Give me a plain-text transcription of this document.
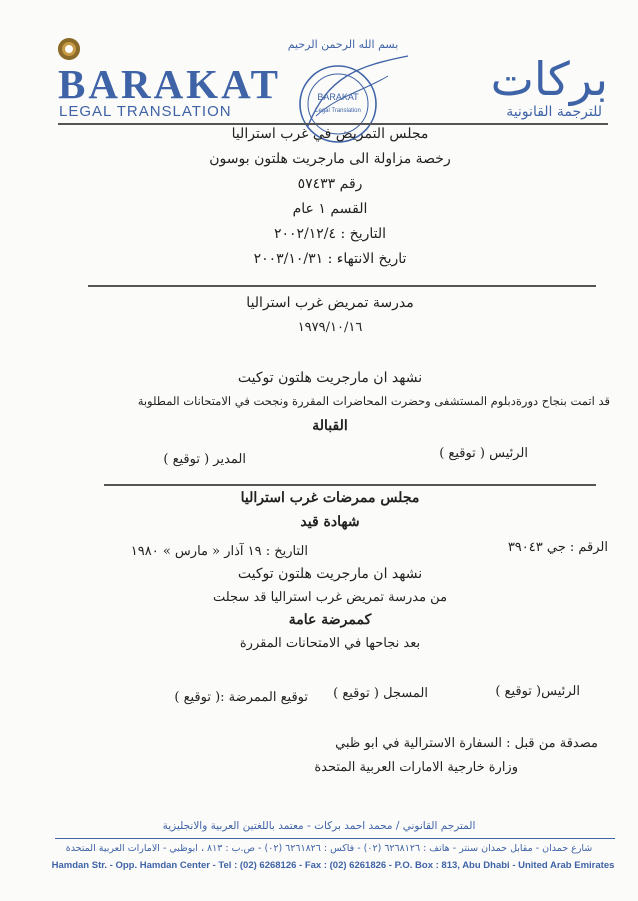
BARAKAT
LEGAL TRANSLATION
بركات
للترجمة القانونية
بسم الله الرحمن الرحيم
BARAKAT
Legal Translation
مجلس التمريض في غرب استراليا
رخصة مزاولة الى مارجريت هلتون بوسون
رقم ٥٧٤٣٣
القسم ١ عام
التاريخ : ٢٠٠٢/١٢/٤
تاريخ الانتهاء : ٢٠٠٣/١٠/٣١
مدرسة تمريض غرب استراليا
١٩٧٩/١٠/١٦
نشهد ان مارجريت هلتون توكيت
قد اتمت بنجاح دورةدبلوم المستشفى وحضرت المحاضرات المقررة ونجحت في الامتحانات المطلوبة
القبالة
الرئيس ( توقيع )
المدير ( توقيع )
مجلس ممرضات غرب استراليا
شهادة قيد
الرقم : جي ٣٩٠٤٣
التاريخ : ١٩ آذار « مارس » ١٩٨٠
نشهد ان مارجريت هلتون توكيت
من مدرسة تمريض غرب استراليا قد سجلت
كممرضة عامة
بعد نجاحها في الامتحانات المقررة
الرئيس( توقيع )
المسجل ( توقيع )
توقيع الممرضة :( توقيع )
مصدقة من قبل : السفارة الاسترالية في ابو ظبي
وزارة خارجية الامارات العربية المتحدة
المترجم القانوني / محمد احمد بركات - معتمد باللغتين العربية والانجليزية
شارع حمدان - مقابل حمدان سنتر - هاتف : ٦٢٦٨١٢٦ (٠٢) - فاكس : ٦٢٦١٨٢٦ (٠٢) - ص.ب : ٨١٣ ، ابوظبي - الامارات العربية المتحدة
Hamdan Str. - Opp. Hamdan Center - Tel : (02) 6268126 - Fax : (02) 6261826 - P.O. Box : 813, Abu Dhabi - United Arab Emirates
